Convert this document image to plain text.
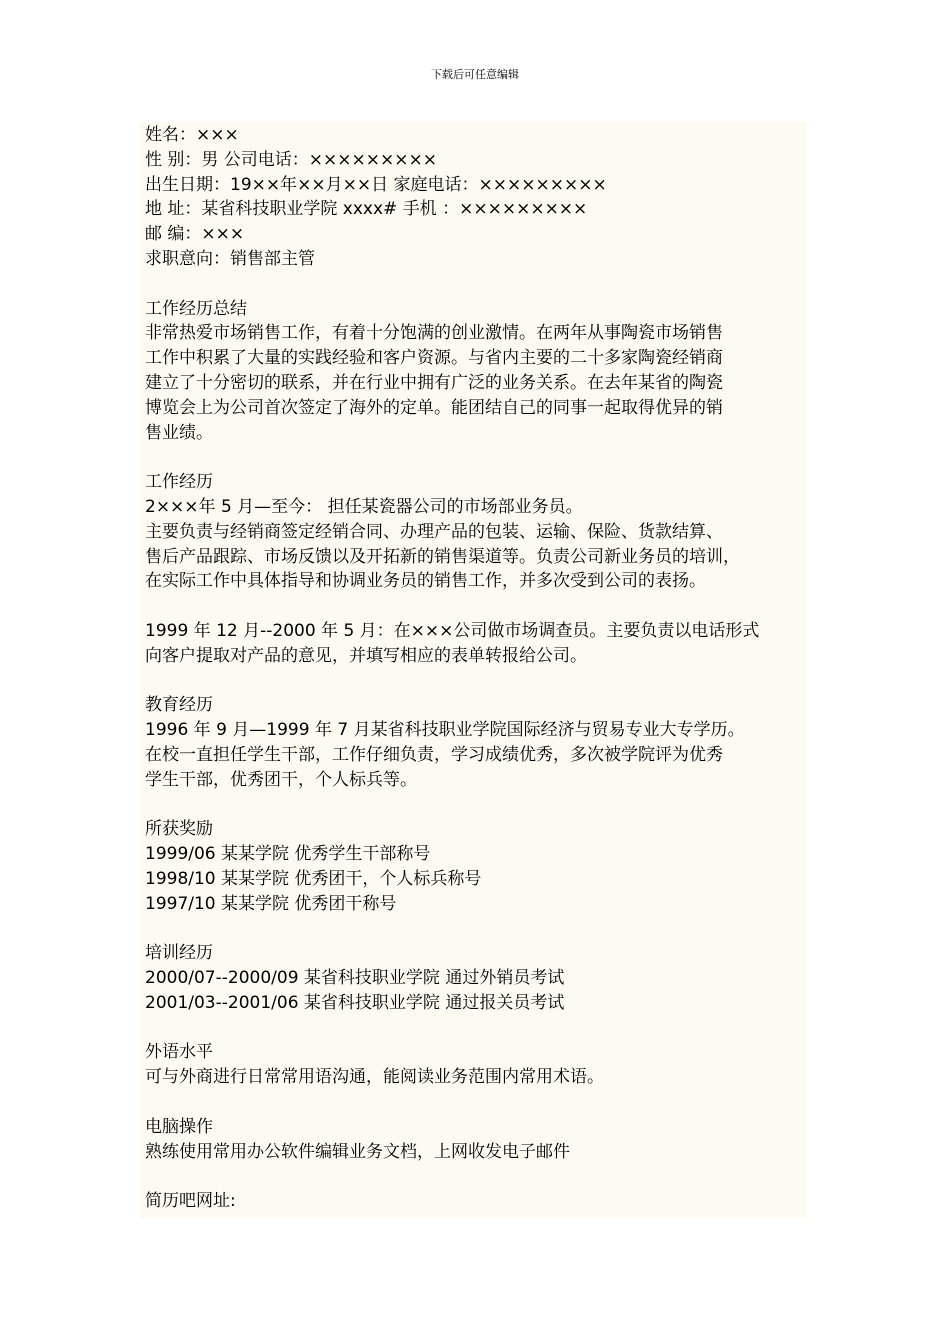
下载后可任意编辑
姓名：×××
性 别：男 公司电话：×××××××××
出生日期：19××年××月××日 家庭电话：×××××××××
地 址：某省科技职业学院 xxxx# 手机 ：×××××××××
邮 编：×××
求职意向：销售部主管
工作经历总结
非常热爱市场销售工作，有着十分饱满的创业激情。在两年从事陶瓷市场销售
工作中积累了大量的实践经验和客户资源。与省内主要的二十多家陶瓷经销商
建立了十分密切的联系，并在行业中拥有广泛的业务关系。在去年某省的陶瓷
博览会上为公司首次签定了海外的定单。能团结自己的同事一起取得优异的销
售业绩。
工作经历
2×××年 5 月—至今： 担任某瓷器公司的市场部业务员。
主要负责与经销商签定经销合同、办理产品的包装、运输、保险、货款结算、
售后产品跟踪、市场反馈以及开拓新的销售渠道等。负责公司新业务员的培训，
在实际工作中具体指导和协调业务员的销售工作，并多次受到公司的表扬。
1999 年 12 月--2000 年 5 月：在×××公司做市场调查员。主要负责以电话形式
向客户提取对产品的意见，并填写相应的表单转报给公司。
教育经历
1996 年 9 月—1999 年 7 月某省科技职业学院国际经济与贸易专业大专学历。
在校一直担任学生干部，工作仔细负责，学习成绩优秀，多次被学院评为优秀
学生干部，优秀团干，个人标兵等。
所获奖励
1999/06 某某学院 优秀学生干部称号
1998/10 某某学院 优秀团干，个人标兵称号
1997/10 某某学院 优秀团干称号
培训经历
2000/07--2000/09 某省科技职业学院 通过外销员考试
2001/03--2001/06 某省科技职业学院 通过报关员考试
外语水平
可与外商进行日常常用语沟通，能阅读业务范围内常用术语。
电脑操作
熟练使用常用办公软件编辑业务文档，上网收发电子邮件
简历吧网址:
